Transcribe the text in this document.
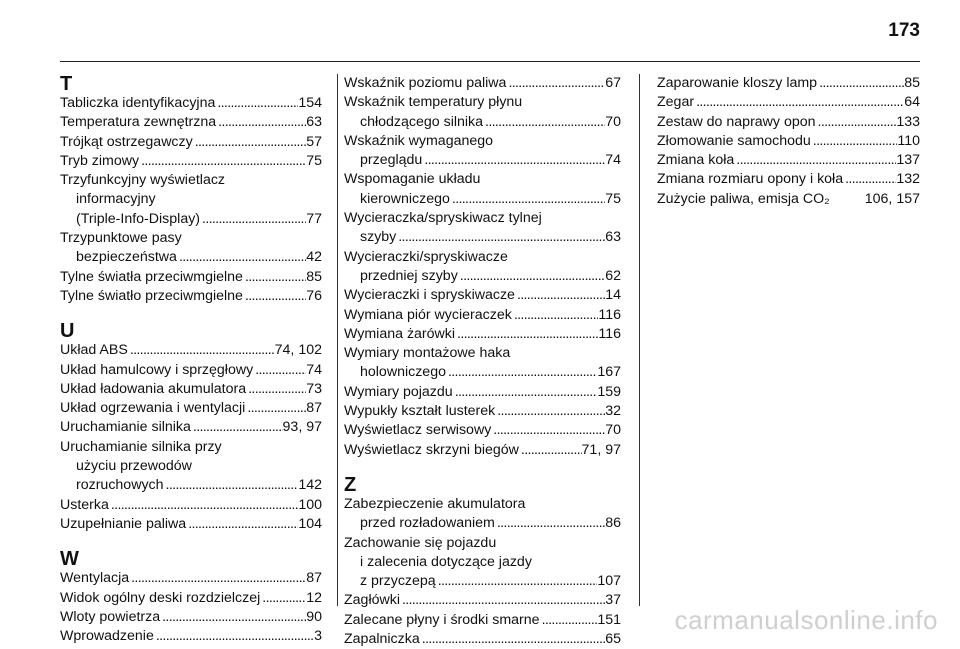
173
T
Tabliczka identyfikacyjna . . .	154
Temperatura zewnętrzna . . .	63
Trójkąt ostrzegawczy . . .	57
Tryb zimowy . . .	75
Trzyfunkcyjny wyświetlacz
informacyjny
(Triple-Info-Display) . . .	77
Trzypunktowe pasy
bezpieczeństwa . . .	42
Tylne światła przeciwmgielne . . .	85
Tylne światło przeciwmgielne . . .	76
U
Układ ABS . . .	74, 102
Układ hamulcowy i sprzęgłowy . . .	74
Układ ładowania akumulatora . . .	73
Układ ogrzewania i wentylacji . . .	87
Uruchamianie silnika . . .	93, 97
Uruchamianie silnika przy
użyciu przewodów
rozruchowych . . .	142
Usterka . . .	100
Uzupełnianie paliwa . . .	104
W
Wentylacja . . .	87
Widok ogólny deski rozdzielczej . . .	12
Wloty powietrza . . .	90
Wprowadzenie . . .	3
Wskaźnik poziomu paliwa . . .	67
Wskaźnik temperatury płynu
chłodzącego silnika . . .	70
Wskaźnik wymaganego
przeglądu . . .	74
Wspomaganie układu
kierowniczego . . .	75
Wycieraczka/spryskiwacz tylnej
szyby . . .	63
Wycieraczki/spryskiwacze
przedniej szyby . . .	62
Wycieraczki i spryskiwacze . . .	14
Wymiana piór wycieraczek . . .	116
Wymiana żarówki . . .	116
Wymiary montażowe haka
holowniczego . . .	167
Wymiary pojazdu . . .	159
Wypukły kształt lusterek . . .	32
Wyświetlacz serwisowy . . .	70
Wyświetlacz skrzyni biegów . . .	71, 97
Z
Zabezpieczenie akumulatora
przed rozładowaniem . . .	86
Zachowanie się pojazdu
i zalecenia dotyczące jazdy
z przyczepą . . .	107
Zagłówki . . .	37
Zalecane płyny i środki smarne . . .	151
Zapalniczka . . .	65
Zaparowanie kloszy lamp . . .	85
Zegar . . .	64
Zestaw do naprawy opon . . .	133
Złomowanie samochodu . . .	110
Zmiana koła . . .	137
Zmiana rozmiaru opony i koła . . .	132
Zużycie paliwa, emisja CO₂ 106, 157
carmanualsonline.info
